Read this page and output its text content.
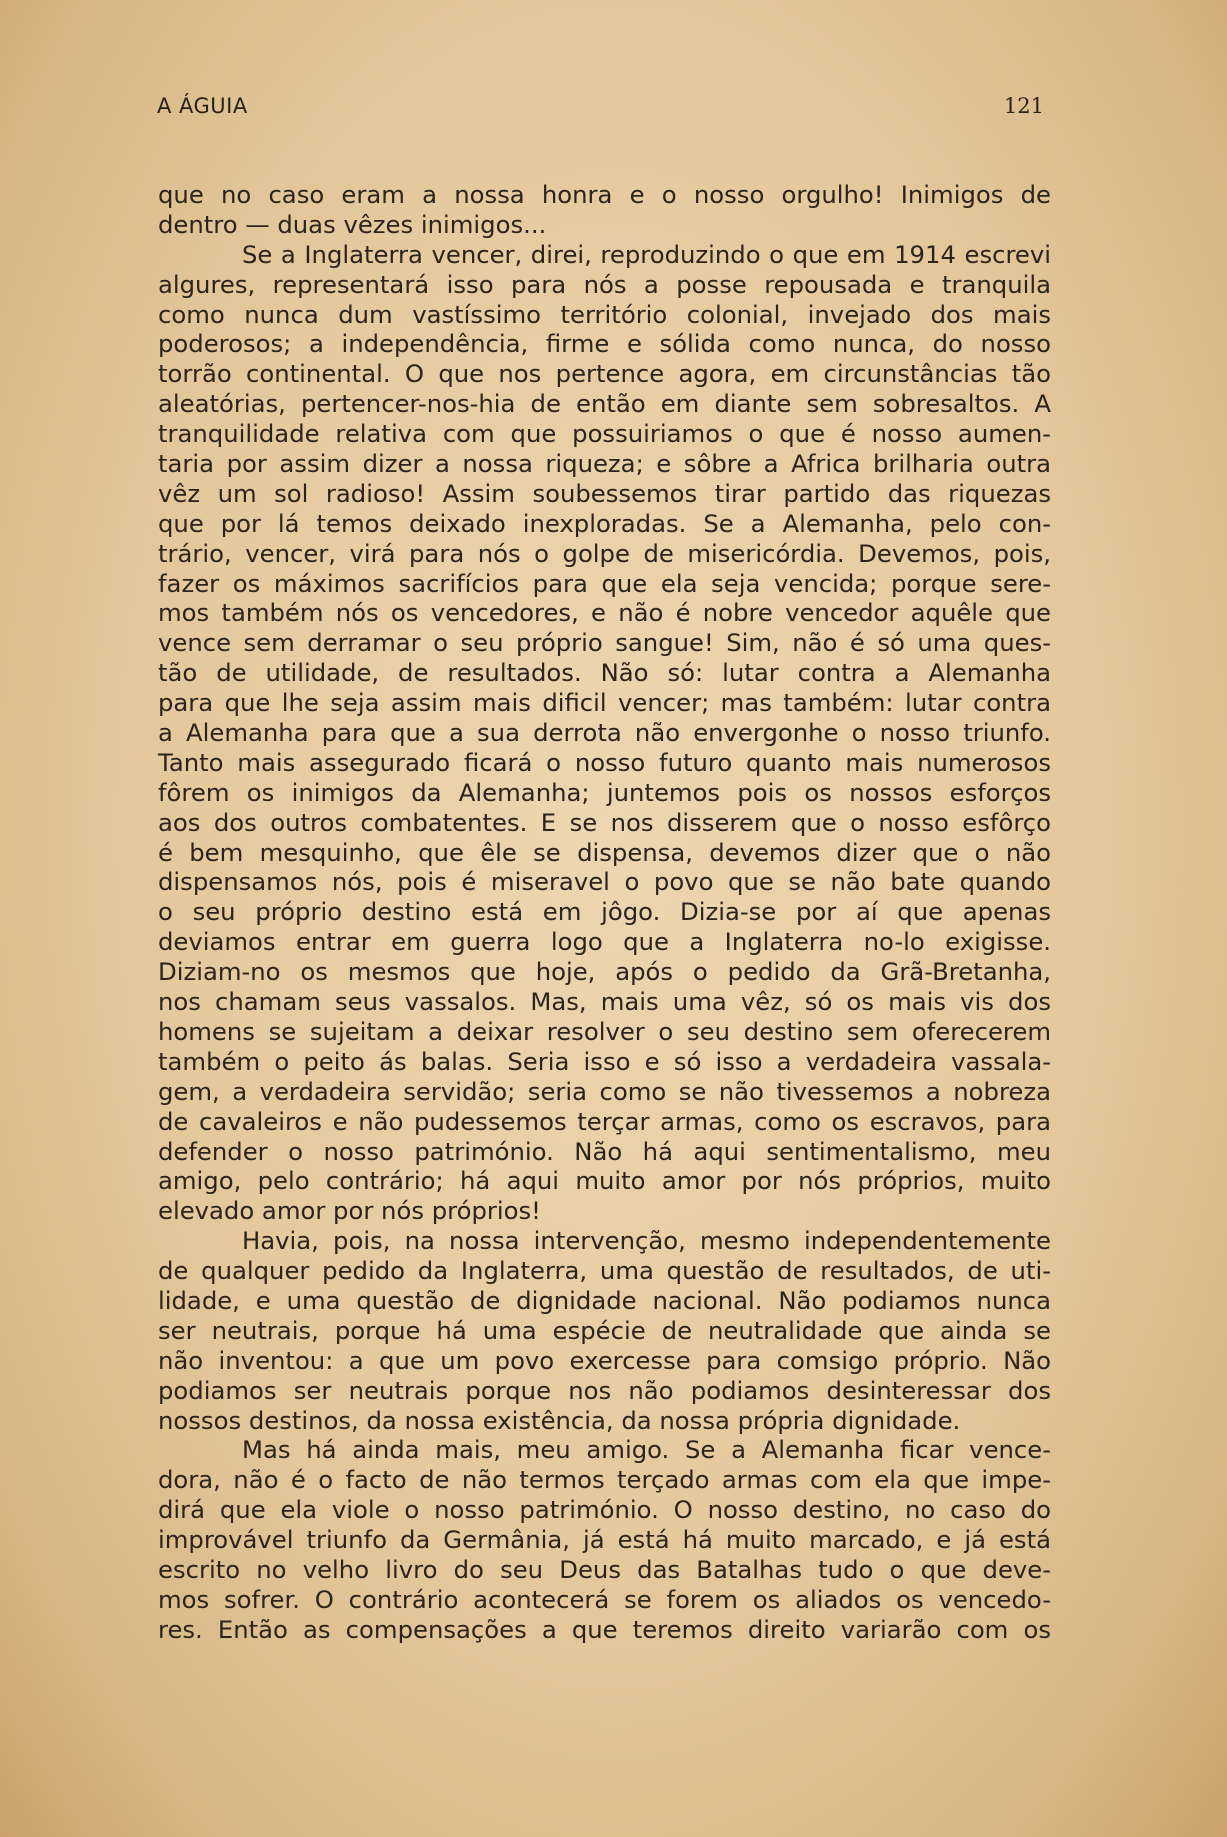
A ÁGUIA	121
que no caso eram a nossa honra e o nosso orgulho! Inimigos de
dentro — duas vêzes inimigos...
Se a Inglaterra vencer, direi, reproduzindo o que em 1914 escrevi
algures, representará isso para nós a posse repousada e tranquila
como nunca dum vastíssimo território colonial, invejado dos mais
poderosos; a independência, firme e sólida como nunca, do nosso
torrão continental. O que nos pertence agora, em circunstâncias tão
aleatórias, pertencer-nos-hia de então em diante sem sobresaltos. A
tranquilidade relativa com que possuiriamos o que é nosso aumen-
taria por assim dizer a nossa riqueza; e sôbre a Africa brilharia outra
vêz um sol radioso! Assim soubessemos tirar partido das riquezas
que por lá temos deixado inexploradas. Se a Alemanha, pelo con-
trário, vencer, virá para nós o golpe de misericórdia. Devemos, pois,
fazer os máximos sacrifícios para que ela seja vencida; porque sere-
mos também nós os vencedores, e não é nobre vencedor aquêle que
vence sem derramar o seu próprio sangue! Sim, não é só uma ques-
tão de utilidade, de resultados. Não só: lutar contra a Alemanha
para que lhe seja assim mais dificil vencer; mas também: lutar contra
a Alemanha para que a sua derrota não envergonhe o nosso triunfo.
Tanto mais assegurado ficará o nosso futuro quanto mais numerosos
fôrem os inimigos da Alemanha; juntemos pois os nossos esforços
aos dos outros combatentes. E se nos disserem que o nosso esfôrço
é bem mesquinho, que êle se dispensa, devemos dizer que o não
dispensamos nós, pois é miseravel o povo que se não bate quando
o seu próprio destino está em jôgo. Dizia-se por aí que apenas
deviamos entrar em guerra logo que a Inglaterra no-lo exigisse.
Diziam-no os mesmos que hoje, após o pedido da Grã-Bretanha,
nos chamam seus vassalos. Mas, mais uma vêz, só os mais vis dos
homens se sujeitam a deixar resolver o seu destino sem oferecerem
também o peito ás balas. Seria isso e só isso a verdadeira vassala-
gem, a verdadeira servidão; seria como se não tivessemos a nobreza
de cavaleiros e não pudessemos terçar armas, como os escravos, para
defender o nosso património. Não há aqui sentimentalismo, meu
amigo, pelo contrário; há aqui muito amor por nós próprios, muito
elevado amor por nós próprios!
Havia, pois, na nossa intervenção, mesmo independentemente
de qualquer pedido da Inglaterra, uma questão de resultados, de uti-
lidade, e uma questão de dignidade nacional. Não podiamos nunca
ser neutrais, porque há uma espécie de neutralidade que ainda se
não inventou: a que um povo exercesse para comsigo próprio. Não
podiamos ser neutrais porque nos não podiamos desinteressar dos
nossos destinos, da nossa existência, da nossa própria dignidade.
Mas há ainda mais, meu amigo. Se a Alemanha ficar vence-
dora, não é o facto de não termos terçado armas com ela que impe-
dirá que ela viole o nosso património. O nosso destino, no caso do
improvável triunfo da Germânia, já está há muito marcado, e já está
escrito no velho livro do seu Deus das Batalhas tudo o que deve-
mos sofrer. O contrário acontecerá se forem os aliados os vencedo-
res. Então as compensações a que teremos direito variarão com os
